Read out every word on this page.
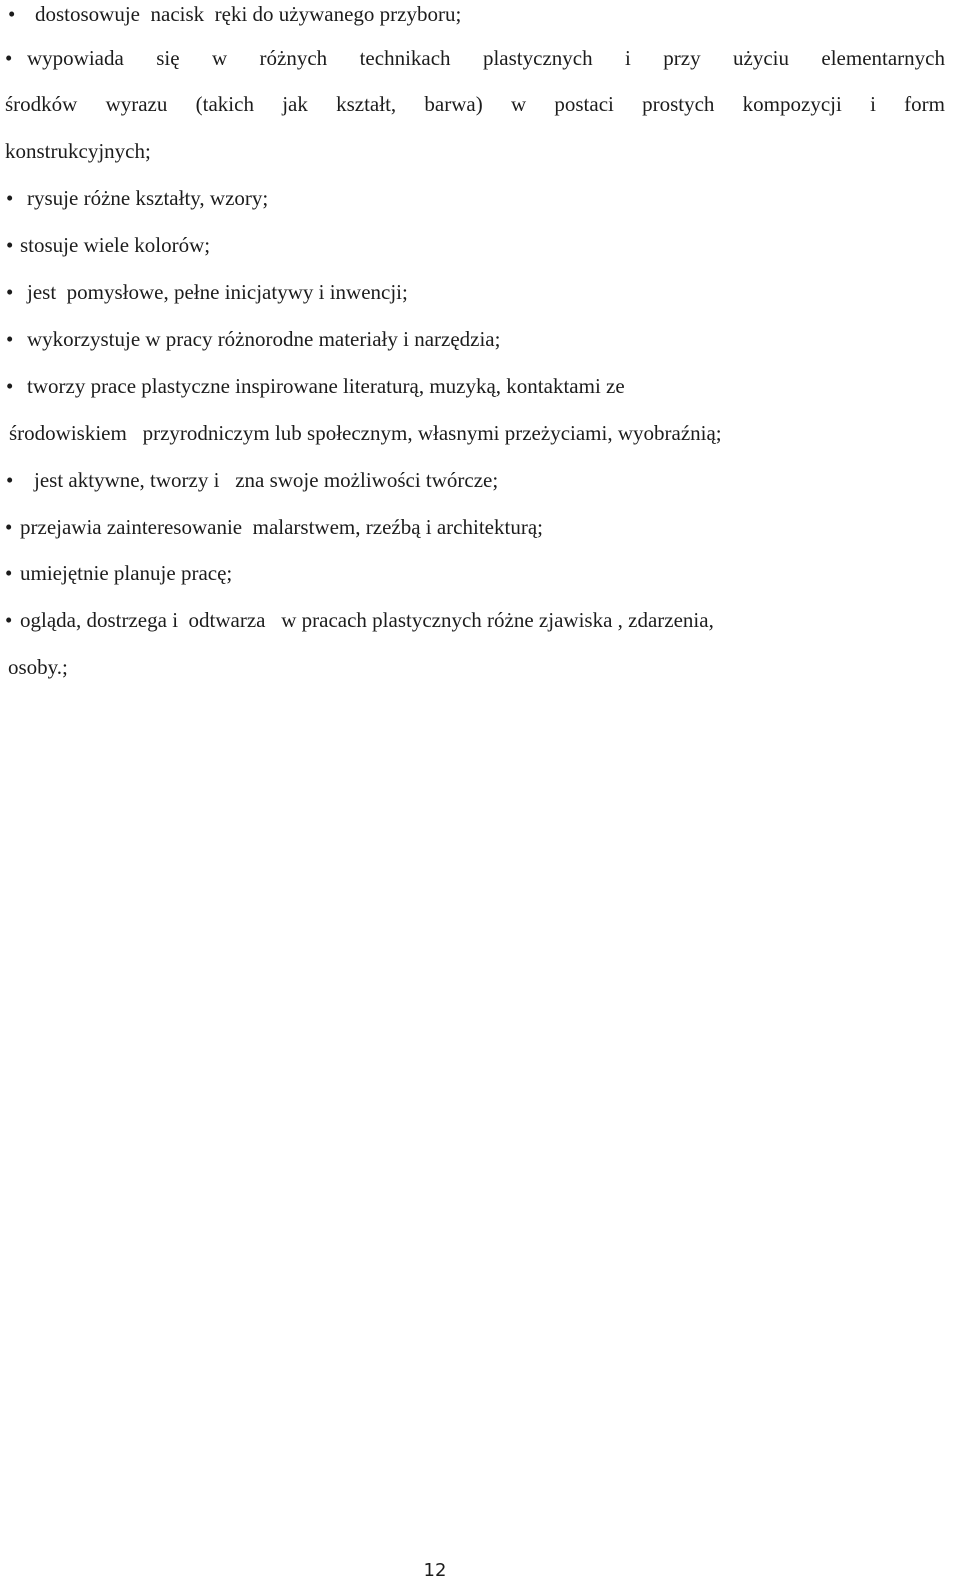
•

dostosowuje  nacisk  ręki do używanego przyboru;

•

wypowiada się w różnych technikach plastycznych i przy użyciu elementarnych

środków wyrazu (takich jak kształt, barwa) w postaci prostych kompozycji i form

konstrukcyjnych;

•

rysuje różne kształty, wzory;

•

stosuje wiele kolorów;

•

jest  pomysłowe, pełne inicjatywy i inwencji;

•

wykorzystuje w pracy różnorodne materiały i narzędzia;

•

tworzy prace plastyczne inspirowane literaturą, muzyką, kontaktami ze

środowiskiem   przyrodniczym lub społecznym, własnymi przeżyciami, wyobraźnią;

•

jest aktywne, tworzy i   zna swoje możliwości twórcze;

•

przejawia zainteresowanie  malarstwem, rzeźbą i architekturą;

•

umiejętnie planuje pracę;

•

ogląda, dostrzega i  odtwarza   w pracach plastycznych różne zjawiska , zdarzenia,

osoby.;

12
